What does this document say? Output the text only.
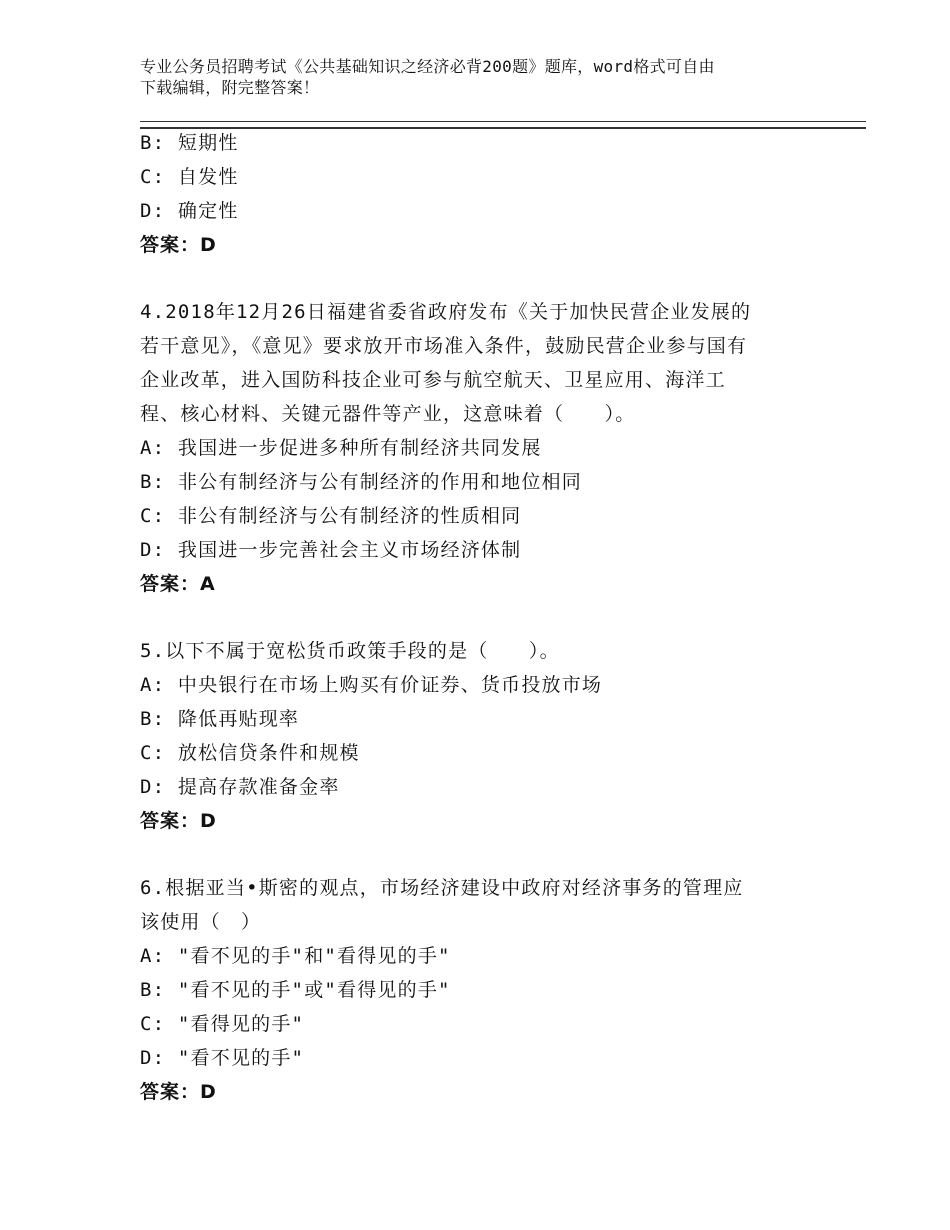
专业公务员招聘考试《公共基础知识之经济必背200题》题库，word格式可自由
下载编辑，附完整答案！
B: 短期性
C: 自发性
D: 确定性
答案：D
4.2018年12月26日福建省委省政府发布《关于加快民营企业发展的
若干意见》，《意见》要求放开市场准入条件，鼓励民营企业参与国有
企业改革，进入国防科技企业可参与航空航天、卫星应用、海洋工
程、核心材料、关键元器件等产业，这意味着（　　）。
A: 我国进一步促进多种所有制经济共同发展
B: 非公有制经济与公有制经济的作用和地位相同
C: 非公有制经济与公有制经济的性质相同
D: 我国进一步完善社会主义市场经济体制
答案：A
5.以下不属于宽松货币政策手段的是（　　）。
A: 中央银行在市场上购买有价证券、货币投放市场
B: 降低再贴现率
C: 放松信贷条件和规模
D: 提高存款准备金率
答案：D
6.根据亚当•斯密的观点，市场经济建设中政府对经济事务的管理应
该使用（　）
A: "看不见的手"和"看得见的手"
B: "看不见的手"或"看得见的手"
C: "看得见的手"
D: "看不见的手"
答案：D
